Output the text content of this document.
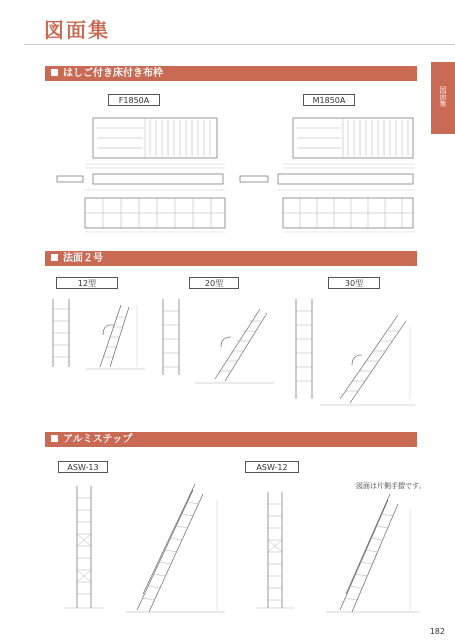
図面集
図面集
はしご付き床付き布枠
F1850A	M1850A
法面２号
12型	20型	30型
アルミステップ
ASW-13	ASW-12
図面は片側手摺です。
182
